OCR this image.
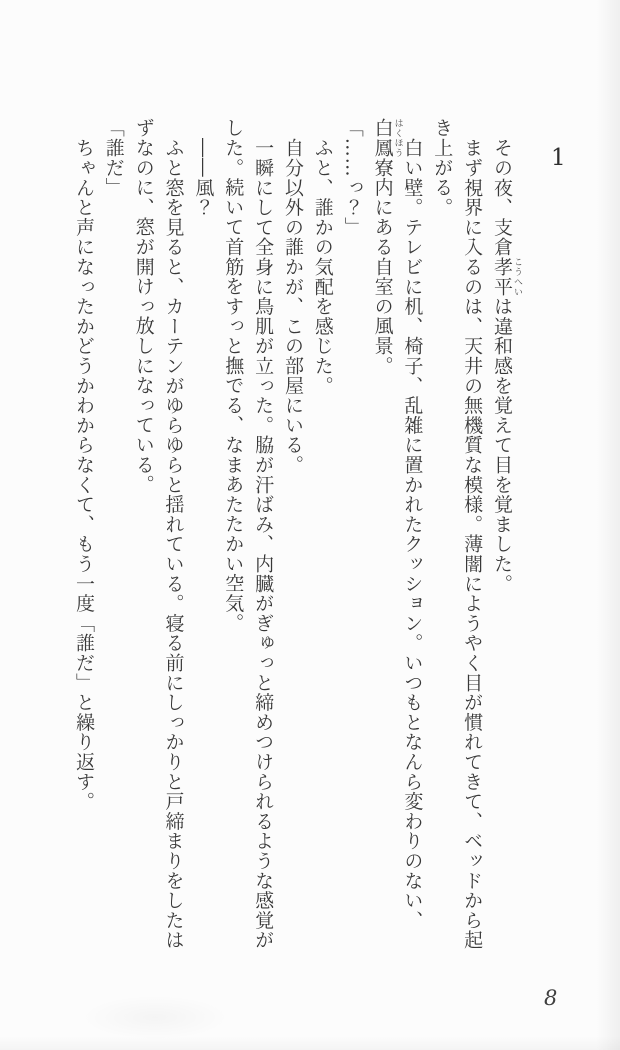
その夜、支倉孝平 こうへいは違和感を覚えて目を覚ました。
まず視界に入るのは、天井の無機質な模様。薄闇にようやく目が慣れてきて、ベッドから起
き上がる。
白い壁。テレビに机、椅子、乱雑に置かれたクッション。いつもとなんら変わりのない、
白鳳 はくほう寮内にある自室の風景。
「……っ？」
ふと、誰かの気配を感じた。
自分以外の誰かが、この部屋にいる。
一瞬にして全身に鳥肌が立った。脇が汗ばみ、内臓がぎゅっと締めつけられるような感覚が
した。続いて首筋をすっと撫でる、なまあたたかい空気。
――風？
ふと窓を見ると、カーテンがゆらゆらと揺れている。寝る前にしっかりと戸締まりをしたは
ずなのに、窓が開けっ放しになっている。
「誰だ」
ちゃんと声になったかどうかわからなくて、もう一度「誰だ」と繰り返す。	1
8
